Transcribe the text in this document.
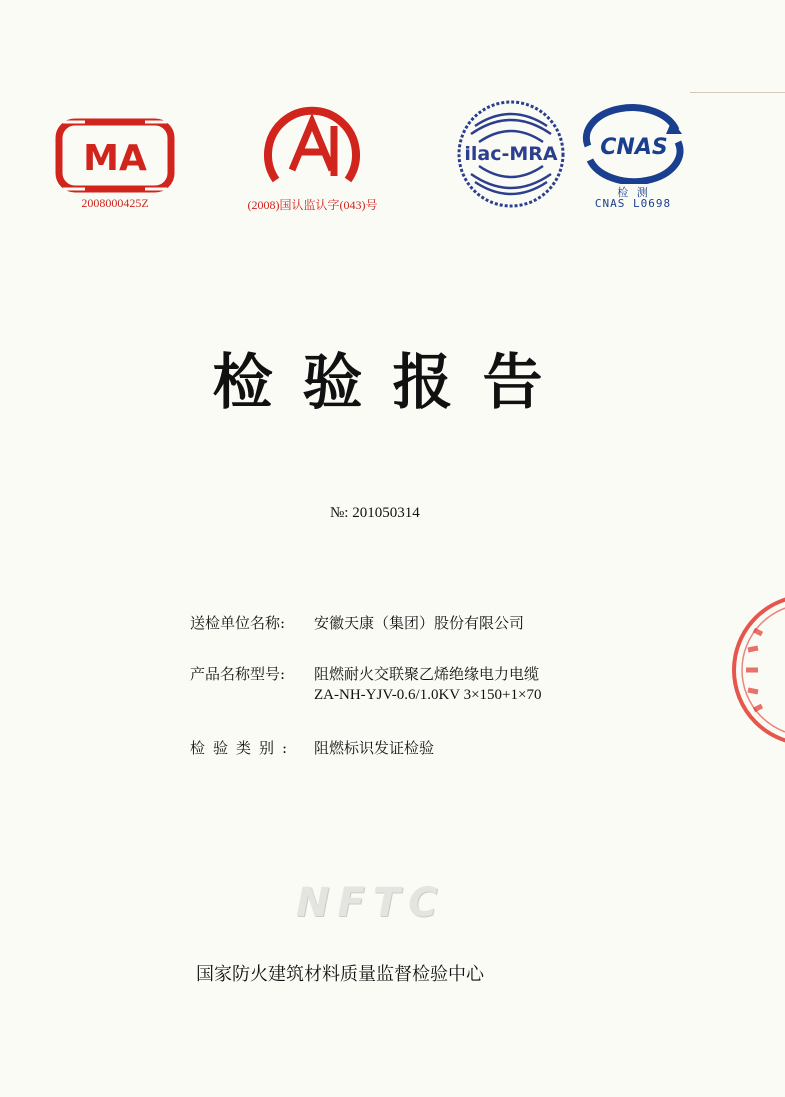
MA
2008000425Z	(2008)国认监认字(043)号
ilac-MRA CNAS
检 测
CNAS L0698
检验报告
№: 201050314
送检单位名称: 安徽天康（集团）股份有限公司
产品名称型号: 阻燃耐火交联聚乙烯绝缘电力电缆
ZA-NH-YJV-0.6/1.0KV 3×150+1×70
检验类别: 阻燃标识发证检验
NFTC
国家防火建筑材料质量监督检验中心
